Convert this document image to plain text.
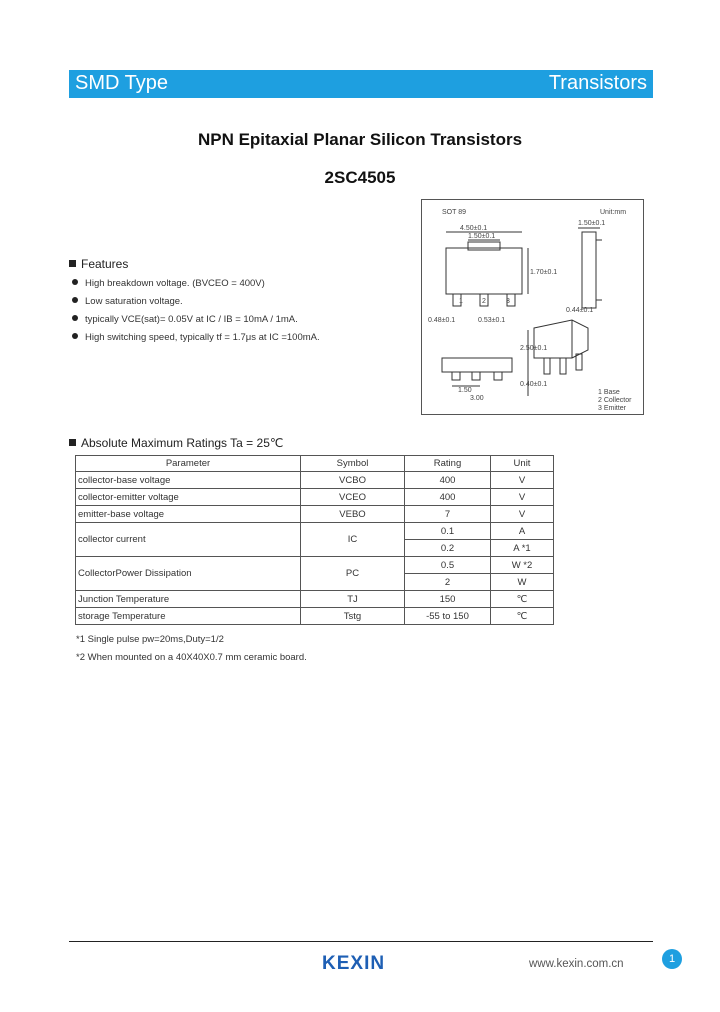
SMD Type	Transistors
NPN Epitaxial Planar Silicon Transistors
2SC4505
SOT 89	Unit:mm
4.50±0.1
1.50±0.1
1.50±0.1
1.70±0.1
0.48±0.1
0.44±0.1
0.53±0.1
2.50±0.1
0.40±0.1
1.50
3.00
1	2	3
1 Base
2 Collector
3 Emitter
Features
High breakdown voltage. (BVCEO = 400V)
Low saturation voltage.
typically VCE(sat)= 0.05V at IC / IB = 10mA / 1mA.
High switching speed, typically tf = 1.7μs at IC =100mA.
Absolute Maximum Ratings Ta = 25℃
Parameter	Symbol	Rating	Unit
collector-base voltage	VCBO	400	V
collector-emitter voltage	VCEO	400	V
emitter-base voltage	VEBO	7	V
collector current	IC	0.1	A
		0.2	A *1
CollectorPower Dissipation	PC	0.5	W *2
		2	W
Junction Temperature	TJ	150	℃
storage Temperature	Tstg	-55 to 150	℃
*1 Single pulse pw=20ms,Duty=1/2
*2 When mounted on a 40X40X0.7 mm ceramic board.
KEXIN	www.kexin.com.cn	1
